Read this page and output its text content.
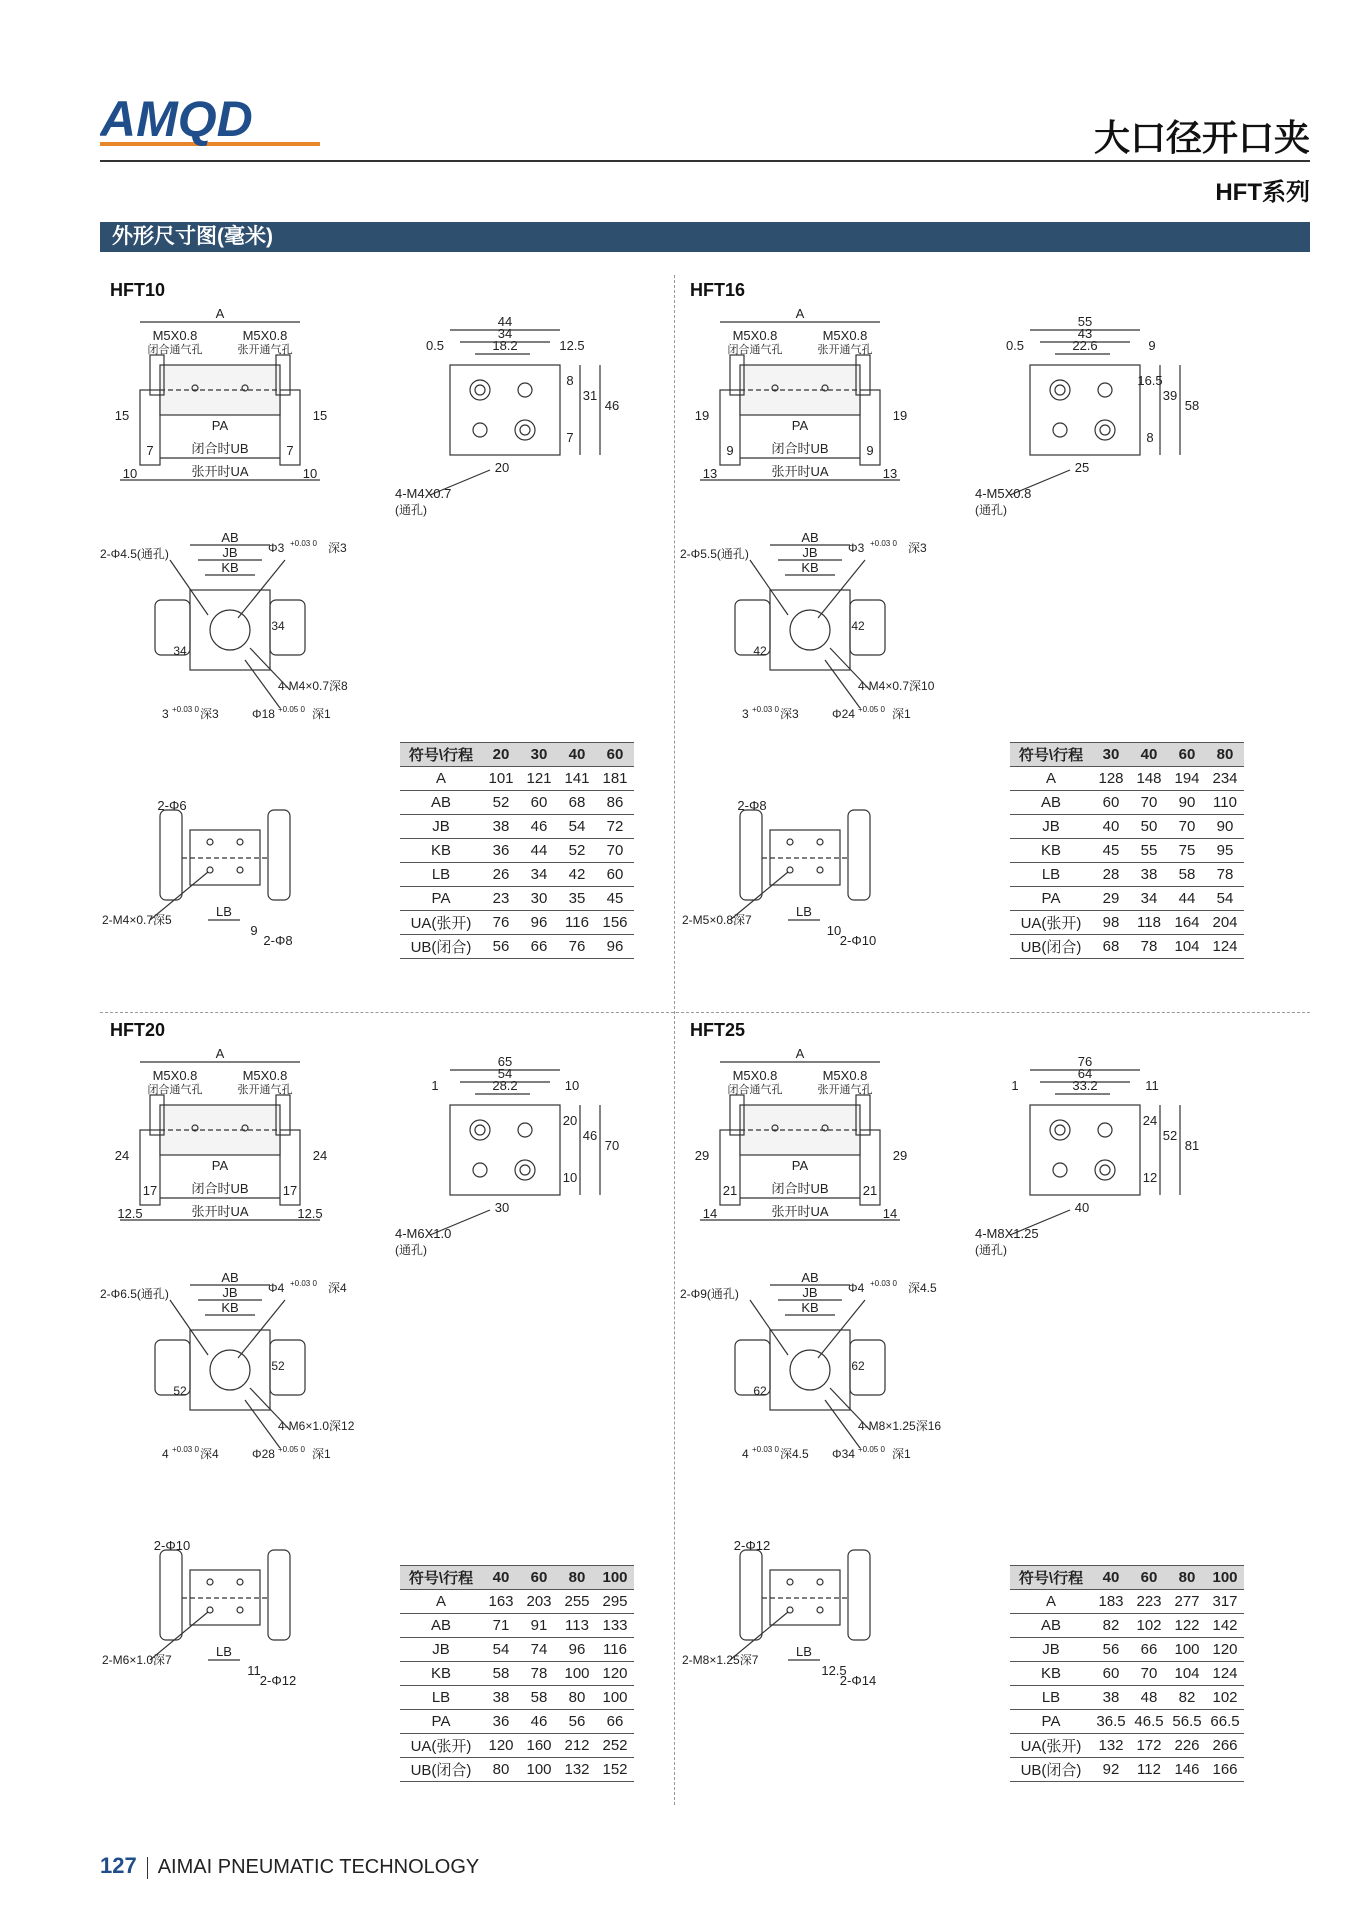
AMQD	大口径开口夹
HFT系列
外形尺寸图(毫米)
HFT10
A
M5X0.8
闭合通气孔
M5X0.8
张开通气孔
PA
闭合时UB
张开时UA
15	15
10	10
7	7
44
34
18.2
0.5	12.5
8
31
46
7
20
4-M4X0.7
(通孔)
AB
JB
KB
2-Φ4.5(通孔)	Φ3 +0.03 0 深3
34
34
4-M4×0.7深8
Φ18 +0.05 0 深1
3 +0.03 0 深3
2-Φ6
2-M4×0.7深5
LB
9
2-Φ8
符号\行程	20	30	40	60
A	101	121	141	181
AB	52	60	68	86
JB	38	46	54	72
KB	36	44	52	70
LB	26	34	42	60
PA	23	30	35	45
UA(张开)	76	96	116	156
UB(闭合)	56	66	76	96
HFT16
A
M5X0.8
闭合通气孔
M5X0.8
张开通气孔
PA
闭合时UB
张开时UA
19	19
13	13
9	9
55
43
22.6
0.5	9
16.5
39
58
8
25
4-M5X0.8
(通孔)
AB
JB
KB
2-Φ5.5(通孔)	Φ3 +0.03 0 深3
42
42
4-M4×0.7深10
Φ24 +0.05 0 深1
3 +0.03 0 深3
2-Φ8
2-M5×0.8深7
LB
10
2-Φ10
符号\行程	30	40	60	80
A	128	148	194	234
AB	60	70	90	110
JB	40	50	70	90
KB	45	55	75	95
LB	28	38	58	78
PA	29	34	44	54
UA(张开)	98	118	164	204
UB(闭合)	68	78	104	124
HFT20
A
M5X0.8
闭合通气孔
M5X0.8
张开通气孔
PA
闭合时UB
张开时UA
24	24
12.5	12.5
17	17
65
54
28.2
1	10
20
46
70
10
30
4-M6X1.0
(通孔)
AB
JB
KB
2-Φ6.5(通孔)	Φ4 +0.03 0 深4
52
52
4-M6×1.0深12
Φ28 +0.05 0 深1
4 +0.03 0 深4
2-Φ10
2-M6×1.0深7
LB
11
2-Φ12
符号\行程	40	60	80	100
A	163	203	255	295
AB	71	91	113	133
JB	54	74	96	116
KB	58	78	100	120
LB	38	58	80	100
PA	36	46	56	66
UA(张开)	120	160	212	252
UB(闭合)	80	100	132	152
HFT25
A
M5X0.8
闭合通气孔
M5X0.8
张开通气孔
PA
闭合时UB
张开时UA
29	29
14	14
21	21
76
64
33.2
1	11
24
52
81
12
40
4-M8X1.25
(通孔)
AB
JB
KB
2-Φ9(通孔)	Φ4 +0.03 0 深4.5
62
62
4-M8×1.25深16
Φ34 +0.05 0 深1
4 +0.03 0 深4.5
2-Φ12
2-M8×1.25深7
LB
12.5
2-Φ14
符号\行程	40	60	80	100
A	183	223	277	317
AB	82	102	122	142
JB	56	66	100	120
KB	60	70	104	124
LB	38	48	82	102
PA	36.5	46.5	56.5	66.5
UA(张开)	132	172	226	266
UB(闭合)	92	112	146	166
127 AIMAI PNEUMATIC TECHNOLOGY
